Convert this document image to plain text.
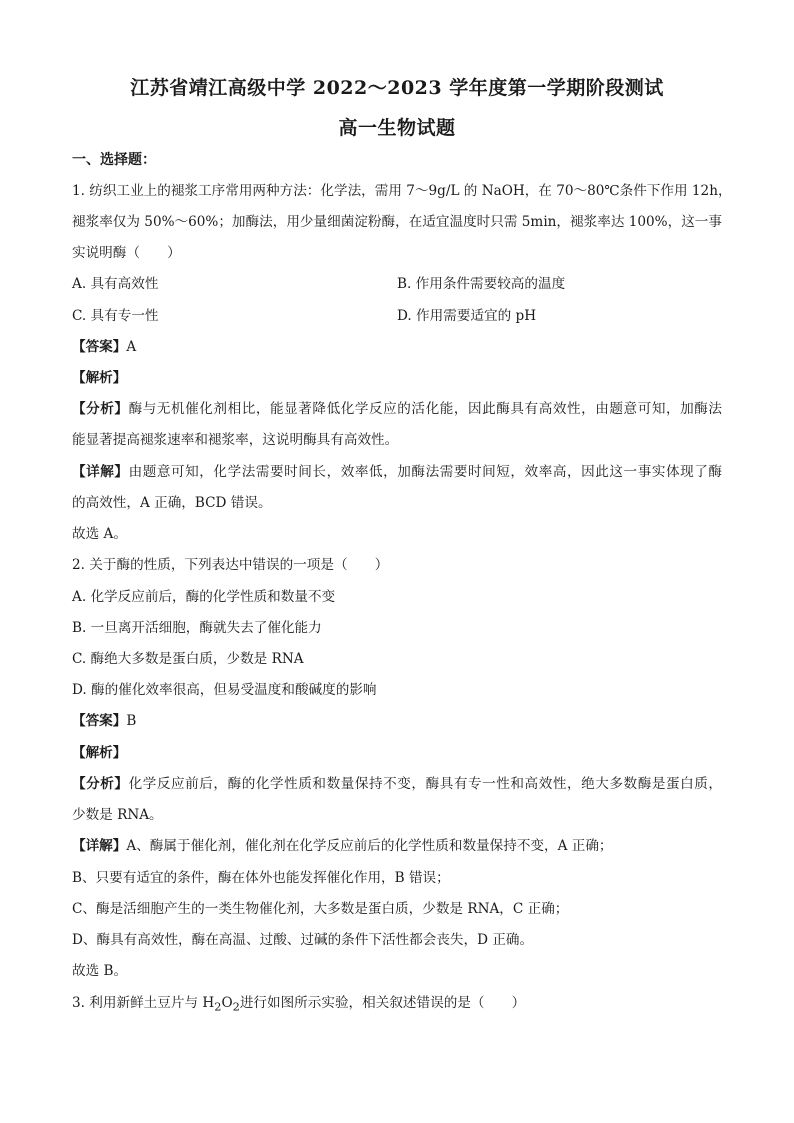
江苏省靖江高级中学 2022～2023 学年度第一学期阶段测试
高一生物试题
一、选择题：
1. 纺织工业上的褪浆工序常用两种方法：化学法，需用 7～9g/L 的 NaOH，在 70～80℃条件下作用 12h，
褪浆率仅为 50%～60%；加酶法，用少量细菌淀粉酶，在适宜温度时只需 5min，褪浆率达 100%，这一事
实说明酶（　　）
A. 具有高效性	B. 作用条件需要较高的温度
C. 具有专一性	D. 作用需要适宜的 pH
【答案】A
【解析】
【分析】酶与无机催化剂相比，能显著降低化学反应的活化能，因此酶具有高效性，由题意可知，加酶法
能显著提高褪浆速率和褪浆率，这说明酶具有高效性。
【详解】由题意可知，化学法需要时间长，效率低，加酶法需要时间短，效率高，因此这一事实体现了酶
的高效性，A 正确，BCD 错误。
故选 A。
2. 关于酶的性质，下列表达中错误的一项是（　　）
A. 化学反应前后，酶的化学性质和数量不变
B. 一旦离开活细胞，酶就失去了催化能力
C. 酶绝大多数是蛋白质，少数是 RNA
D. 酶的催化效率很高，但易受温度和酸碱度的影响
【答案】B
【解析】
【分析】化学反应前后，酶的化学性质和数量保持不变，酶具有专一性和高效性，绝大多数酶是蛋白质，
少数是 RNA。
【详解】A、酶属于催化剂，催化剂在化学反应前后的化学性质和数量保持不变，A 正确；
B、只要有适宜的条件，酶在体外也能发挥催化作用，B 错误；
C、酶是活细胞产生的一类生物催化剂，大多数是蛋白质，少数是 RNA，C 正确；
D、酶具有高效性，酶在高温、过酸、过碱的条件下活性都会丧失，D 正确。
故选 B。
3. 利用新鲜土豆片与 $H_2O_2$进行如图所示实验，相关叙述错误的是（　　）
